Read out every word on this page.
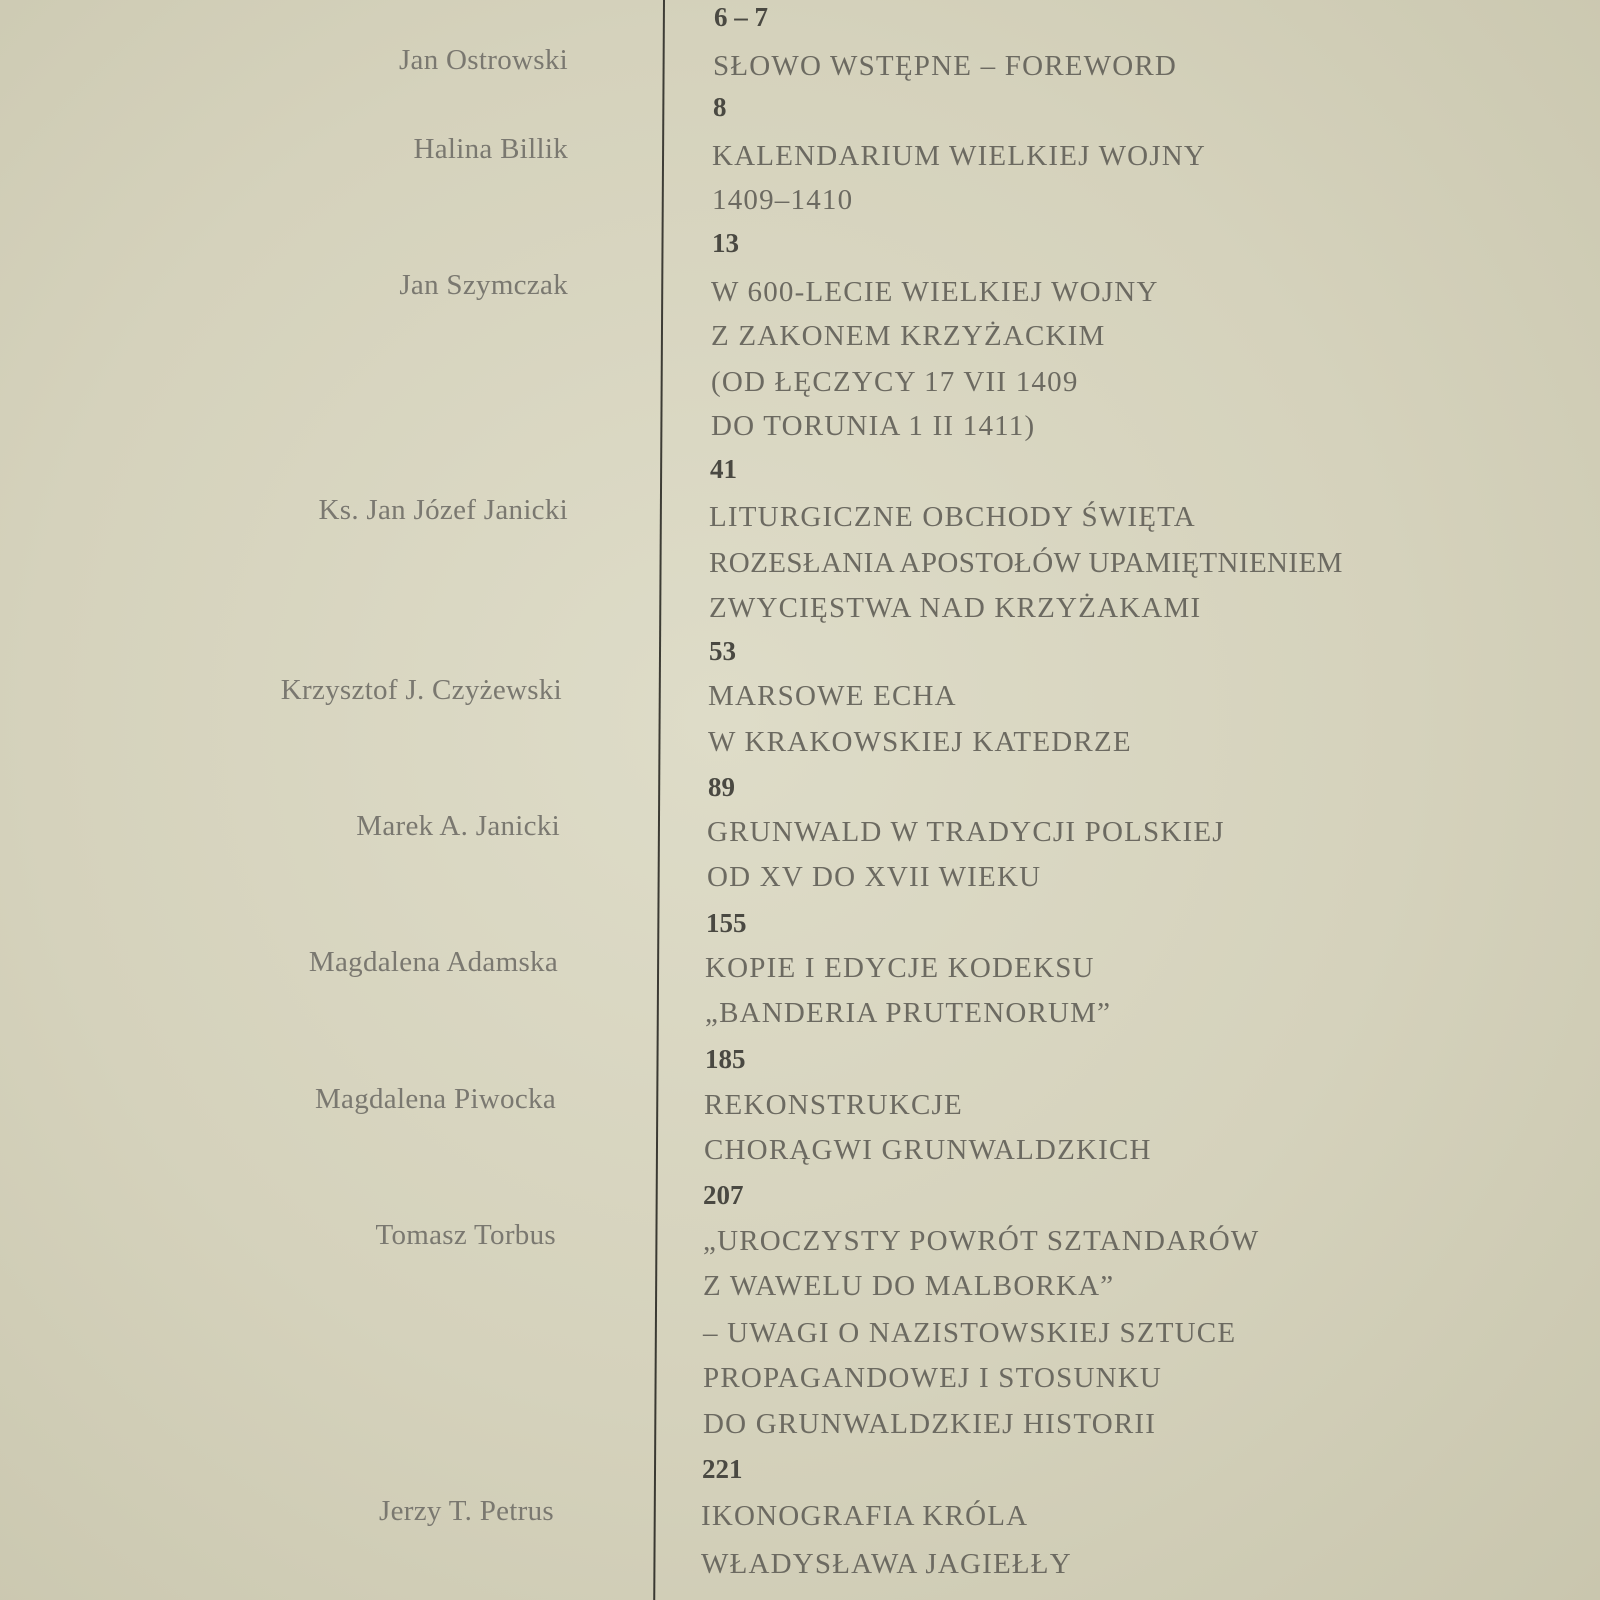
6 – 7
Jan Ostrowski	SŁOWO WSTĘPNE – FOREWORD
8
Halina Billik	KALENDARIUM WIELKIEJ WOJNY
1409–1410
13
Jan Szymczak	W 600-LECIE WIELKIEJ WOJNY
Z ZAKONEM KRZYŻACKIM
(OD ŁĘCZYCY 17 VII 1409
DO TORUNIA 1 II 1411)
41
Ks. Jan Józef Janicki	LITURGICZNE OBCHODY ŚWIĘTA
ROZESŁANIA APOSTOŁÓW UPAMIĘTNIENIEM
ZWYCIĘSTWA NAD KRZYŻAKAMI
53
Krzysztof J. Czyżewski	MARSOWE ECHA
W KRAKOWSKIEJ KATEDRZE
89
Marek A. Janicki	GRUNWALD W TRADYCJI POLSKIEJ
OD XV DO XVII WIEKU
155
Magdalena Adamska	KOPIE I EDYCJE KODEKSU
„BANDERIA PRUTENORUM”
185
Magdalena Piwocka	REKONSTRUKCJE
CHORĄGWI GRUNWALDZKICH
207
Tomasz Torbus	„UROCZYSTY POWRÓT SZTANDARÓW
Z WAWELU DO MALBORKA”
– UWAGI O NAZISTOWSKIEJ SZTUCE
PROPAGANDOWEJ I STOSUNKU
DO GRUNWALDZKIEJ HISTORII
221
Jerzy T. Petrus	IKONOGRAFIA KRÓLA
WŁADYSŁAWA JAGIEŁŁY
